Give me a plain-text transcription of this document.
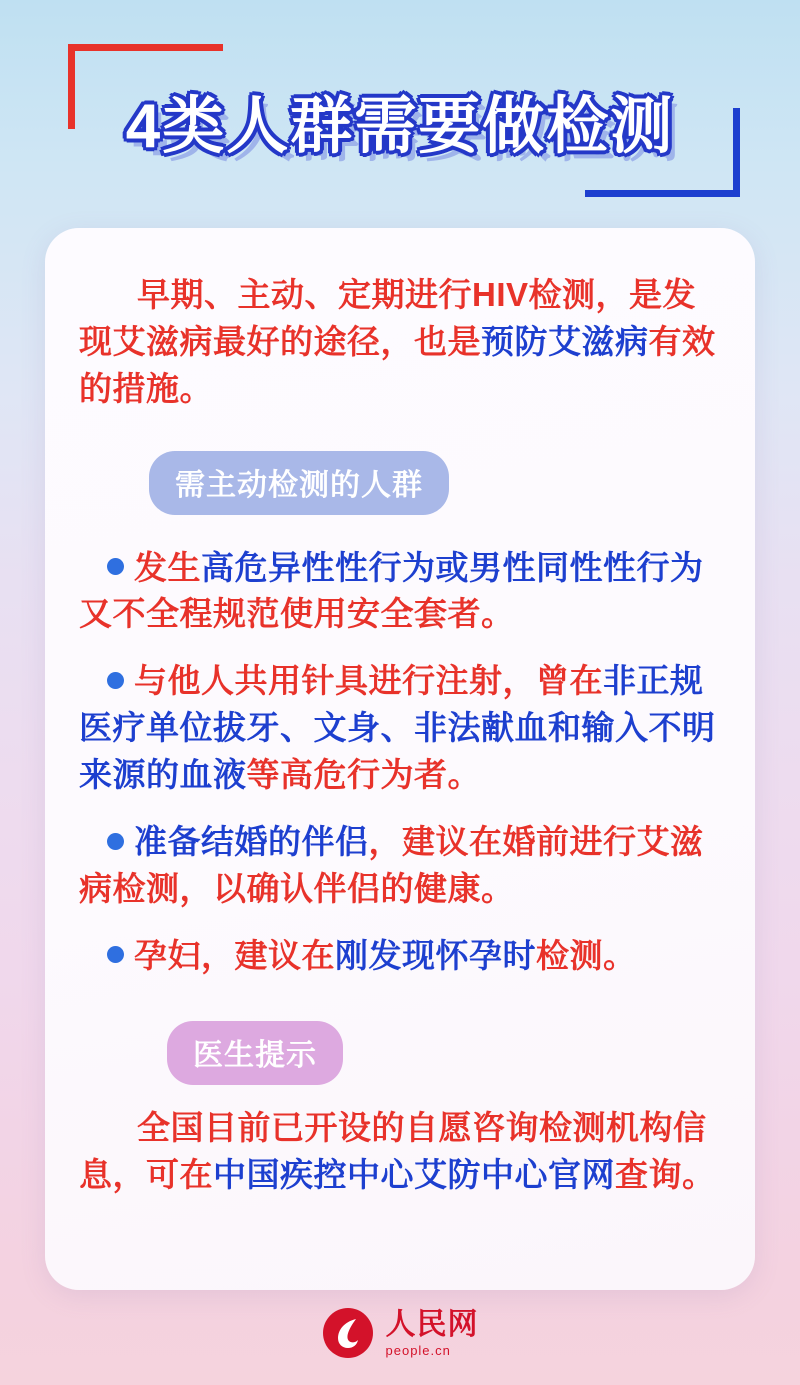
4类人群需要做检测

早期、主动、定期进行HIV检测，是发现艾滋病最好的途径，也是预防艾滋病有效的措施。

需主动检测的人群

发生高危异性性行为或男性同性性行为又不全程规范使用安全套者。

与他人共用针具进行注射，曾在非正规医疗单位拔牙、文身、非法献血和输入不明来源的血液等高危行为者。

准备结婚的伴侣，建议在婚前进行艾滋病检测，以确认伴侣的健康。

孕妇，建议在刚发现怀孕时检测。

医生提示

全国目前已开设的自愿咨询检测机构信息，可在中国疾控中心艾防中心官网查询。

人民网
people.cn
